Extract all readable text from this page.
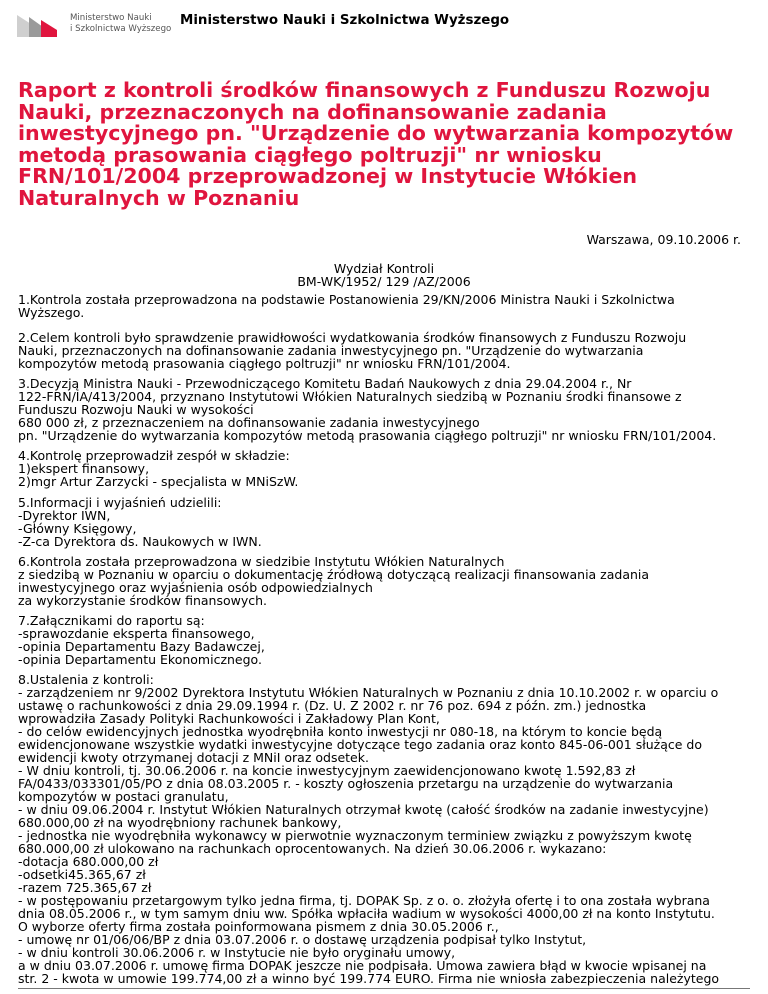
Ministerstwo Nauki
i Szkolnictwa Wyższego
Ministerstwo Nauki i Szkolnictwa Wyższego
Raport z kontroli środków finansowych z Funduszu Rozwoju
Nauki, przeznaczonych na dofinansowanie zadania
inwestycyjnego pn. "Urządzenie do wytwarzania kompozytów
metodą prasowania ciągłego poltruzji" nr wniosku
FRN/101/2004 przeprowadzonej w Instytucie Włókien
Naturalnych w Poznaniu
Warszawa, 09.10.2006 r.
Wydział Kontroli
BM-WK/1952/ 129 /AZ/2006
1.Kontrola została przeprowadzona na podstawie Postanowienia 29/KN/2006 Ministra Nauki i Szkolnictwa
Wyższego.
2.Celem kontroli było sprawdzenie prawidłowości wydatkowania środków finansowych z Funduszu Rozwoju
Nauki, przeznaczonych na dofinansowanie zadania inwestycyjnego pn. "Urządzenie do wytwarzania
kompozytów metodą prasowania ciągłego poltruzji" nr wniosku FRN/101/2004.
3.Decyzją Ministra Nauki - Przewodniczącego Komitetu Badań Naukowych z dnia 29.04.2004 r., Nr
122-FRN/IA/413/2004, przyznano Instytutowi Włókien Naturalnych siedzibą w Poznaniu środki finansowe z
Funduszu Rozwoju Nauki w wysokości
680 000 zł, z przeznaczeniem na dofinansowanie zadania inwestycyjnego
pn. "Urządzenie do wytwarzania kompozytów metodą prasowania ciągłego poltruzji" nr wniosku FRN/101/2004.
4.Kontrolę przeprowadził zespół w składzie:
1)ekspert finansowy,
2)mgr Artur Zarzycki - specjalista w MNiSzW.
5.Informacji i wyjaśnień udzielili:
-Dyrektor IWN,
-Główny Księgowy,
-Z-ca Dyrektora ds. Naukowych w IWN.
6.Kontrola została przeprowadzona w siedzibie Instytutu Włókien Naturalnych
z siedzibą w Poznaniu w oparciu o dokumentację źródłową dotyczącą realizacji finansowania zadania
inwestycyjnego oraz wyjaśnienia osób odpowiedzialnych
za wykorzystanie środków finansowych.
7.Załącznikami do raportu są:
-sprawozdanie eksperta finansowego,
-opinia Departamentu Bazy Badawczej,
-opinia Departamentu Ekonomicznego.
8.Ustalenia z kontroli:
- zarządzeniem nr 9/2002 Dyrektora Instytutu Włókien Naturalnych w Poznaniu z dnia 10.10.2002 r. w oparciu o
ustawę o rachunkowości z dnia 29.09.1994 r. (Dz. U. Z 2002 r. nr 76 poz. 694 z późn. zm.) jednostka
wprowadziła Zasady Polityki Rachunkowości i Zakładowy Plan Kont,
- do celów ewidencyjnych jednostka wyodrębniła konto inwestycji nr 080-18, na którym to koncie będą
ewidencjonowane wszystkie wydatki inwestycyjne dotyczące tego zadania oraz konto 845-06-001 służące do
ewidencji kwoty otrzymanej dotacji z MNiI oraz odsetek.
- W dniu kontroli, tj. 30.06.2006 r. na koncie inwestycyjnym zaewidencjonowano kwotę 1.592,83 zł
FA/0433/033301/05/PO z dnia 08.03.2005 r. - koszty ogłoszenia przetargu na urządzenie do wytwarzania
kompozytów w postaci granulatu,
- w dniu 09.06.2004 r. Instytut Włókien Naturalnych otrzymał kwotę (całość środków na zadanie inwestycyjne)
680.000,00 zł na wyodrębniony rachunek bankowy,
- jednostka nie wyodrębniła wykonawcy w pierwotnie wyznaczonym terminiew związku z powyższym kwotę
680.000,00 zł ulokowano na rachunkach oprocentowanych. Na dzień 30.06.2006 r. wykazano:
-dotacja 680.000,00 zł
-odsetki45.365,67 zł
-razem 725.365,67 zł
- w postępowaniu przetargowym tylko jedna firma, tj. DOPAK Sp. z o. o. złożyła ofertę i to ona została wybrana
dnia 08.05.2006 r., w tym samym dniu ww. Spółka wpłaciła wadium w wysokości 4000,00 zł na konto Instytutu.
O wyborze oferty firma została poinformowana pismem z dnia 30.05.2006 r.,
- umowę nr 01/06/06/BP z dnia 03.07.2006 r. o dostawę urządzenia podpisał tylko Instytut,
- w dniu kontroli 30.06.2006 r. w Instytucie nie było oryginału umowy,
a w dniu 03.07.2006 r. umowę firma DOPAK jeszcze nie podpisała. Umowa zawiera błąd w kwocie wpisanej na
str. 2 - kwota w umowie 199.774,00 zł a winno być 199.774 EURO. Firma nie wniosła zabezpieczenia należytego
